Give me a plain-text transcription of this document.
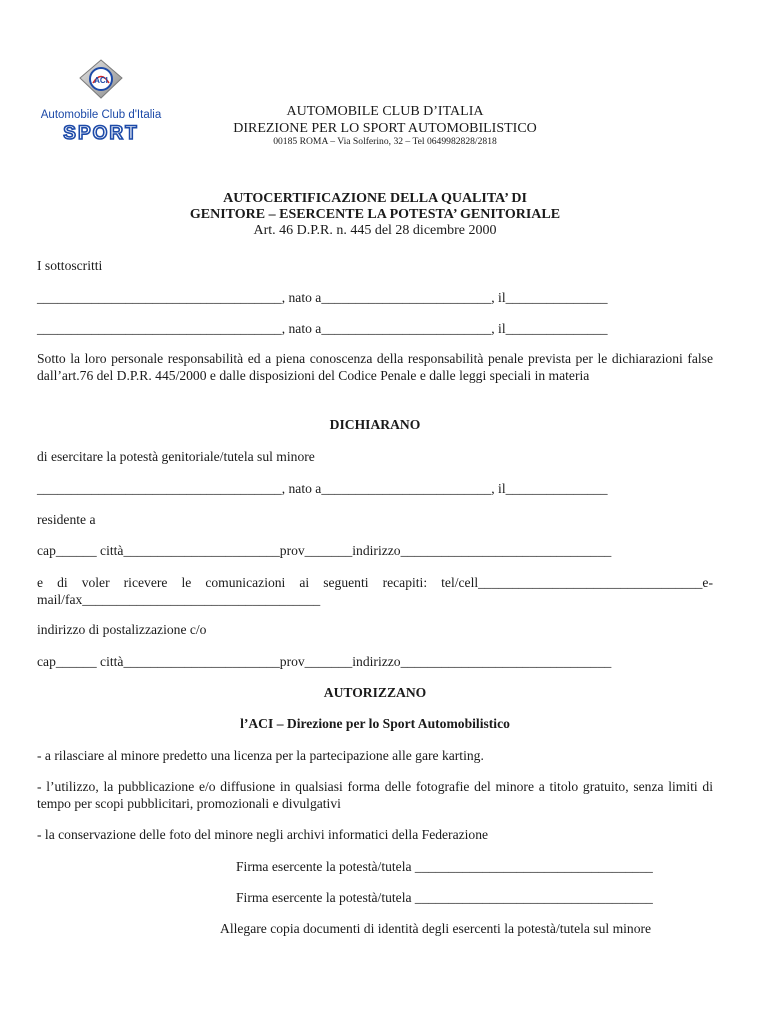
ACI
Automobile Club d'Italia
SPORT
AUTOMOBILE CLUB D’ITALIA
DIREZIONE PER LO SPORT AUTOMOBILISTICO
00185 ROMA – Via Solferino, 32 – Tel 0649982828/2818
AUTOCERTIFICAZIONE DELLA QUALITA’ DI
GENITORE – ESERCENTE LA POTESTA’ GENITORIALE
Art. 46 D.P.R. n. 445 del 28 dicembre 2000
I sottoscritti
____________________________________, nato a_________________________, il_______________
____________________________________, nato a_________________________, il_______________
Sotto la loro personale responsabilità ed a piena conoscenza della responsabilità penale prevista per le dichiarazioni false dall’art.76 del D.P.R. 445/2000 e dalle disposizioni del Codice Penale e dalle leggi speciali in materia
DICHIARANO
di esercitare la potestà genitoriale/tutela sul minore
____________________________________, nato a_________________________, il_______________
residente a
cap______ città_______________________prov_______indirizzo_______________________________
e di voler ricevere le comunicazioni ai seguenti recapiti: tel/cell_________________________________e-mail/fax___________________________________
indirizzo di postalizzazione c/o
cap______ città_______________________prov_______indirizzo_______________________________
AUTORIZZANO
l’ACI – Direzione per lo Sport Automobilistico
- a rilasciare al minore predetto una licenza per la partecipazione alle gare karting.
- l’utilizzo, la pubblicazione e/o diffusione in qualsiasi forma delle fotografie del minore a titolo gratuito, senza limiti di tempo per scopi pubblicitari, promozionali e divulgativi
- la conservazione delle foto del minore negli archivi informatici della Federazione
Firma esercente la potestà/tutela ___________________________________
Firma esercente la potestà/tutela ___________________________________
Allegare copia documenti di identità degli esercenti la potestà/tutela sul minore
